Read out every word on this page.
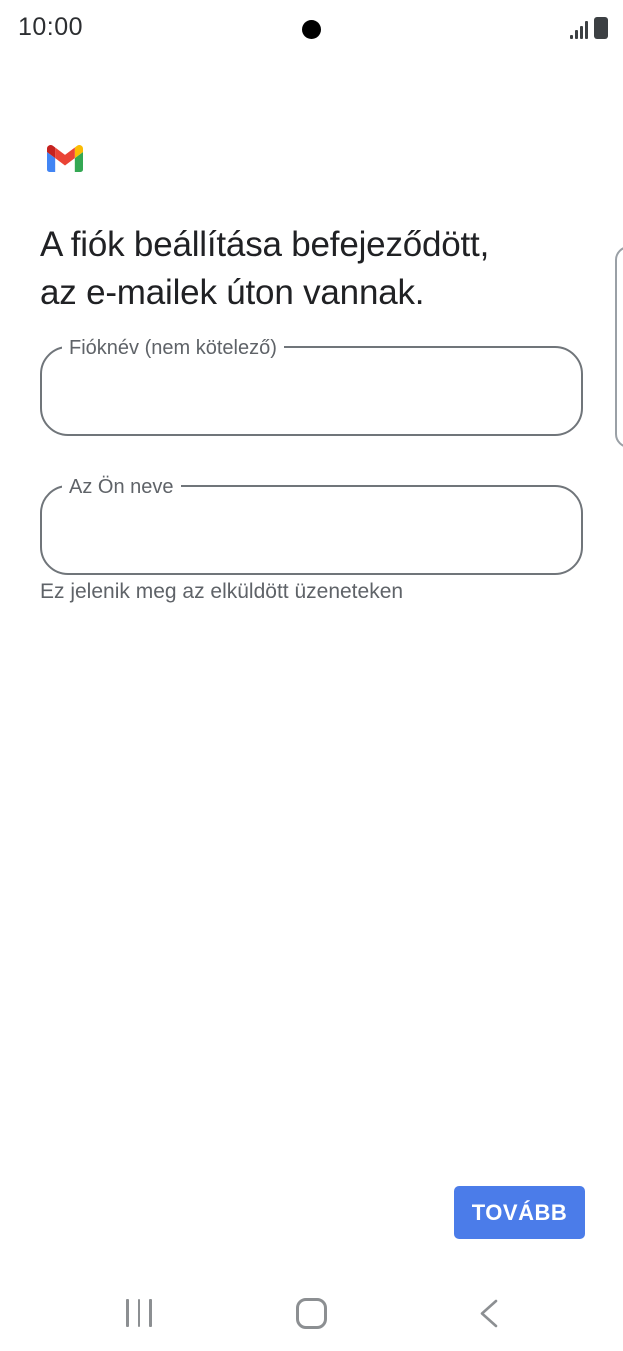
10:00
A fiók beállítása befejeződött,
az e-mailek úton vannak.
Fióknév (nem kötelező)
Az Ön neve
Ez jelenik meg az elküldött üzeneteken
TOVÁBB
